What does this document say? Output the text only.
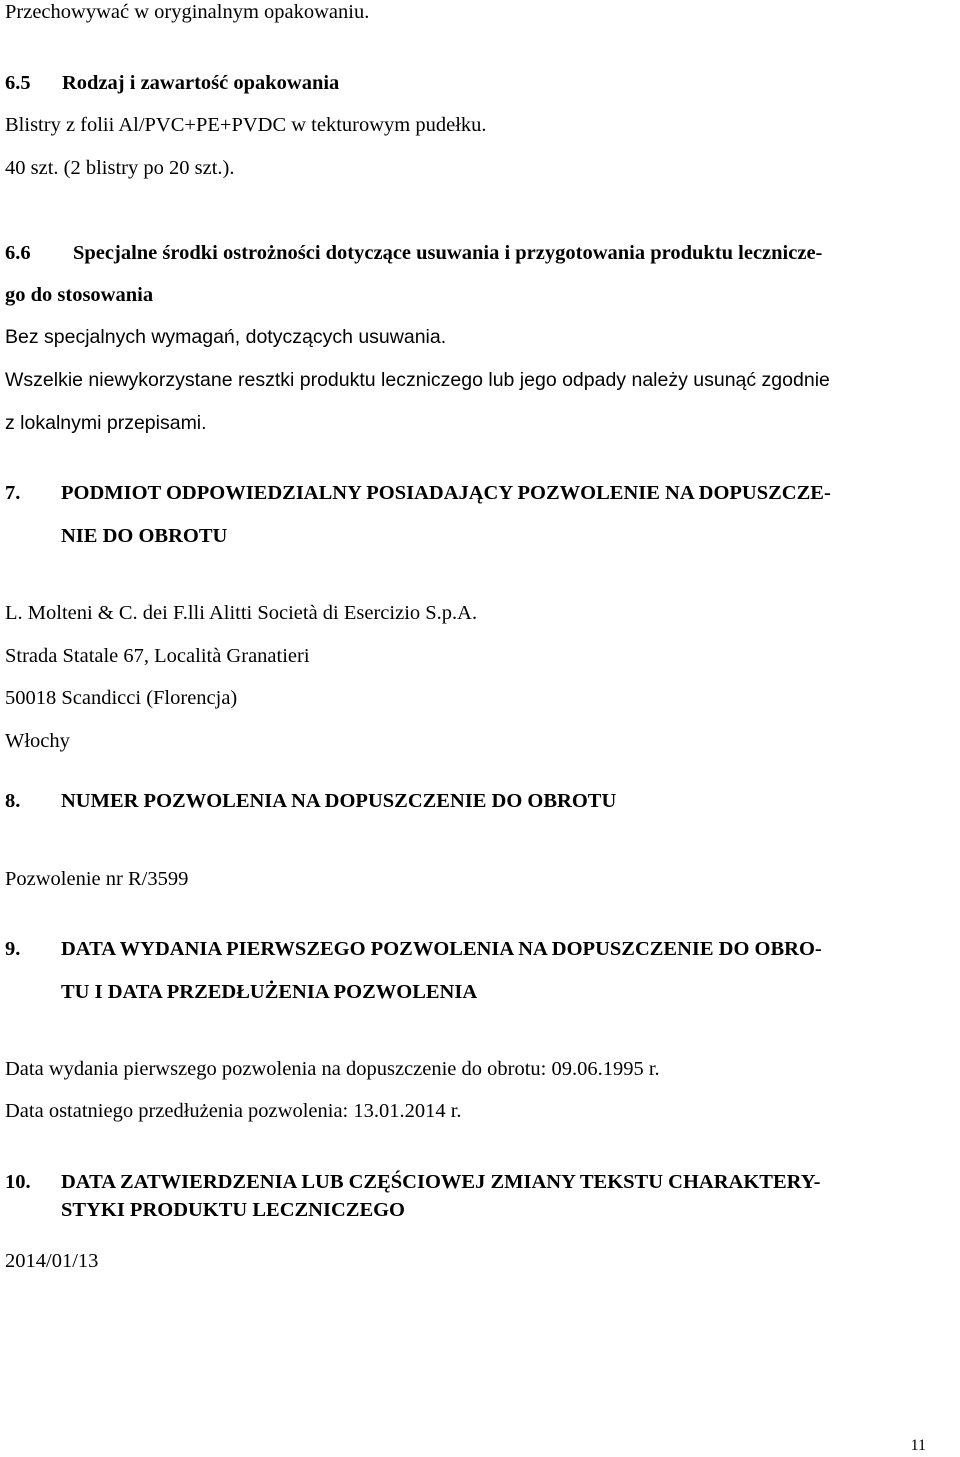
Przechowywać w oryginalnym opakowaniu.
6.5 Rodzaj i zawartość opakowania
Blistry z folii Al/PVC+PE+PVDC w tekturowym pudełku.
40 szt. (2 blistry po 20 szt.).
6.6 Specjalne środki ostrożności dotyczące usuwania i przygotowania produktu lecznicze-
go do stosowania
Bez specjalnych wymagań, dotyczących usuwania.
Wszelkie niewykorzystane resztki produktu leczniczego lub jego odpady należy usunąć zgodnie
z lokalnymi przepisami.
7. PODMIOT ODPOWIEDZIALNY POSIADAJĄCY POZWOLENIE NA DOPUSZCZE-
NIE DO OBROTU
L. Molteni & C. dei F.lli Alitti Società di Esercizio S.p.A.
Strada Statale 67, Località Granatieri
50018 Scandicci (Florencja)
Włochy
8. NUMER POZWOLENIA NA DOPUSZCZENIE DO OBROTU
Pozwolenie nr R/3599
9. DATA WYDANIA PIERWSZEGO POZWOLENIA NA DOPUSZCZENIE DO OBRO-
TU I DATA PRZEDŁUŻENIA POZWOLENIA
Data wydania pierwszego pozwolenia na dopuszczenie do obrotu: 09.06.1995 r.
Data ostatniego przedłużenia pozwolenia: 13.01.2014 r.
10. DATA ZATWIERDZENIA LUB CZĘŚCIOWEJ ZMIANY TEKSTU CHARAKTERY-
STYKI PRODUKTU LECZNICZEGO
2014/01/13
11
